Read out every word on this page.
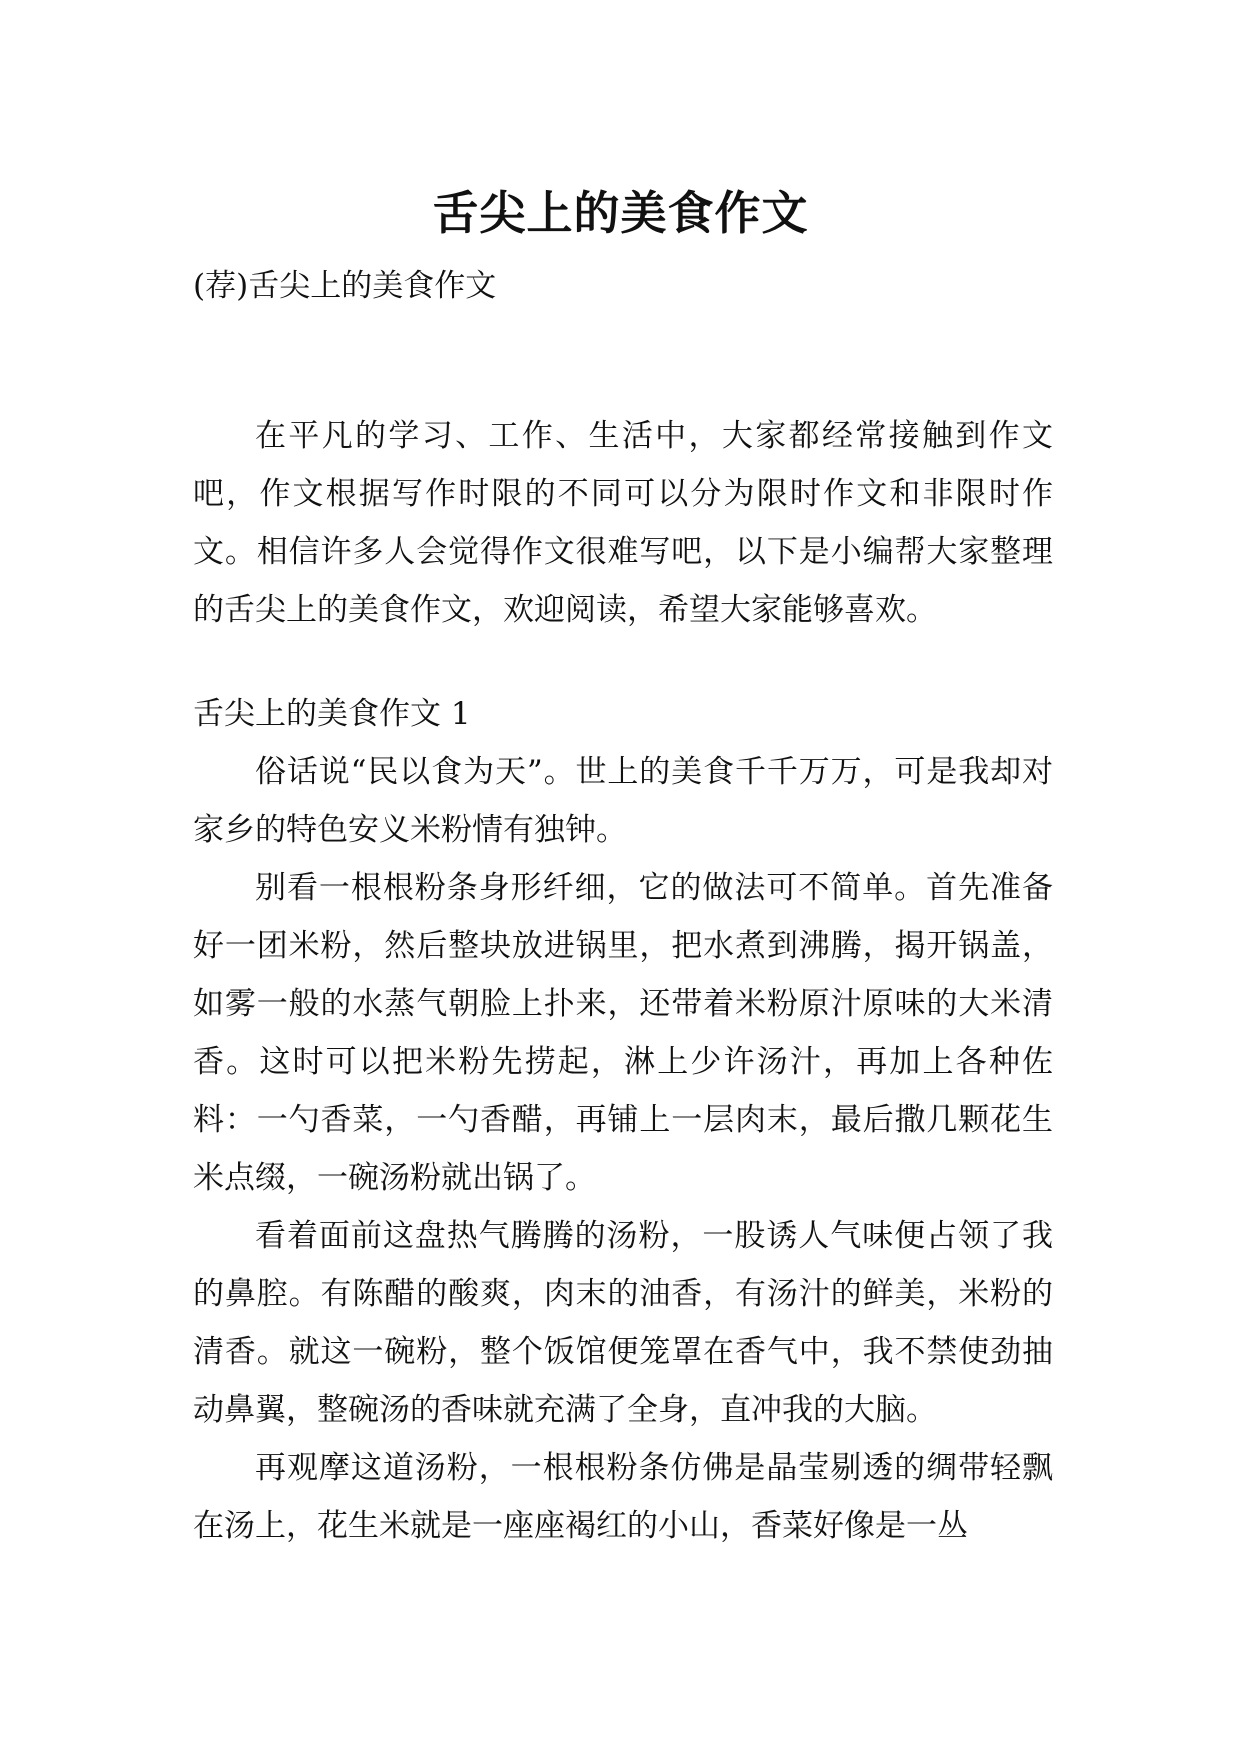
舌尖上的美食作文
(荐)舌尖上的美食作文

在平凡的学习、工作、生活中，大家都经常接触到作文吧，作文根据写作时限的不同可以分为限时作文和非限时作文。相信许多人会觉得作文很难写吧，以下是小编帮大家整理的舌尖上的美食作文，欢迎阅读，希望大家能够喜欢。

舌尖上的美食作文 1

俗话说“民以食为天”。世上的美食千千万万，可是我却对家乡的特色安义米粉情有独钟。

别看一根根粉条身形纤细，它的做法可不简单。首先准备好一团米粉，然后整块放进锅里，把水煮到沸腾，揭开锅盖，如雾一般的水蒸气朝脸上扑来，还带着米粉原汁原味的大米清香。这时可以把米粉先捞起，淋上少许汤汁，再加上各种佐料：一勺香菜，一勺香醋，再铺上一层肉末，最后撒几颗花生米点缀，一碗汤粉就出锅了。

看着面前这盘热气腾腾的汤粉，一股诱人气味便占领了我的鼻腔。有陈醋的酸爽，肉末的油香，有汤汁的鲜美，米粉的清香。就这一碗粉，整个饭馆便笼罩在香气中，我不禁使劲抽动鼻翼，整碗汤的香味就充满了全身，直冲我的大脑。

再观摩这道汤粉，一根根粉条仿佛是晶莹剔透的绸带轻飘在汤上，花生米就是一座座褐红的小山，香菜好像是一丛
